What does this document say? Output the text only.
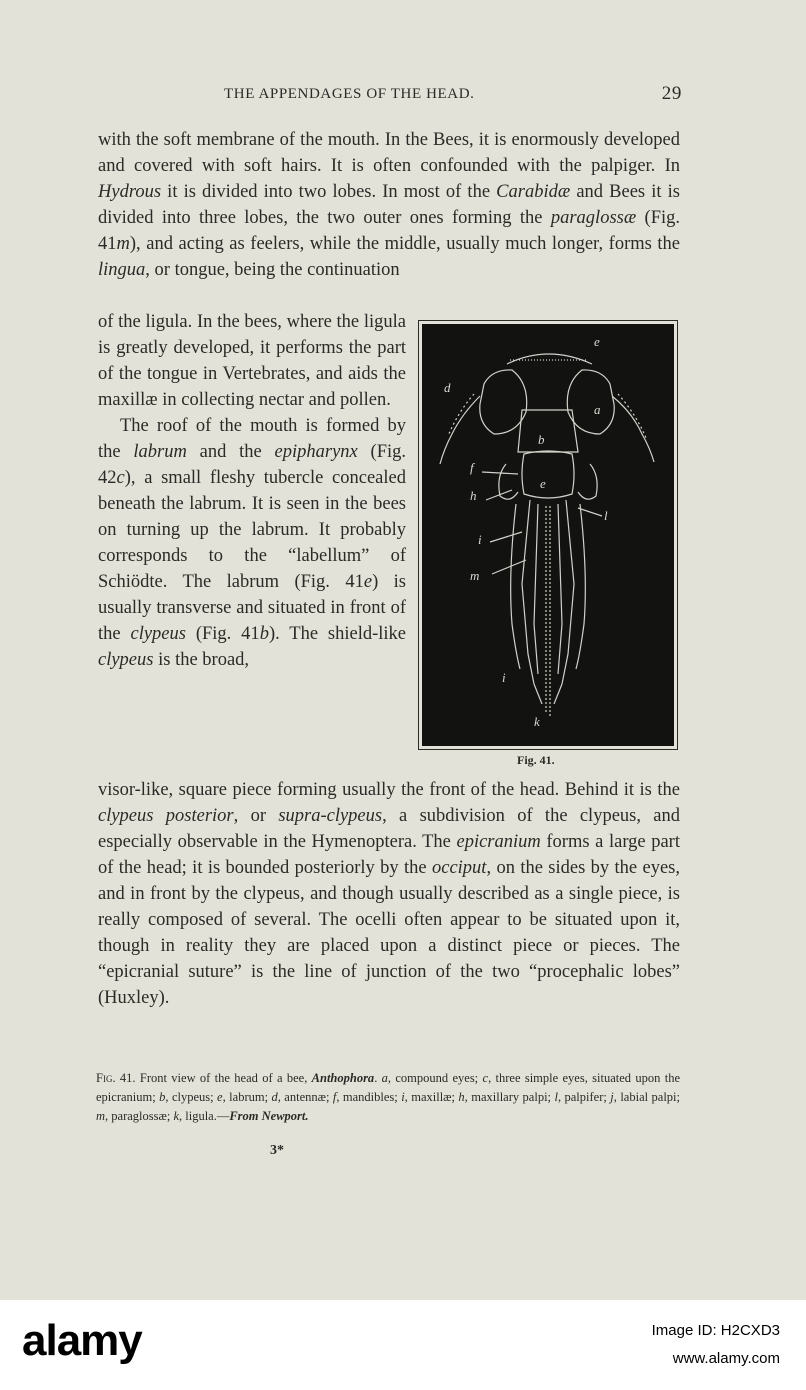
THE APPENDAGES OF THE HEAD.	29

with the soft membrane of the mouth. In the Bees, it is enormously developed and covered with soft hairs. It is often confounded with the palpiger. In Hydrous it is divided into two lobes. In most of the Carabidæ and Bees it is divided into three lobes, the two outer ones forming the paraglossæ (Fig. 41m), and acting as feelers, while the middle, usually much longer, forms the lingua, or tongue, being the continuation

of the ligula. In the bees, where the ligula is greatly developed, it performs the part of the tongue in Vertebrates, and aids the maxillæ in collecting nectar and pollen.

The roof of the mouth is formed by the labrum and the epipharynx (Fig. 42c), a small fleshy tubercle concealed beneath the labrum. It is seen in the bees on turning up the labrum. It probably corresponds to the “labellum” of Schiödte. The labrum (Fig. 41e) is usually transverse and situated in front of the clypeus (Fig. 41b). The shield-like clypeus is the broad,

e
d
a
b
f
h
e
l
i
m
i
k
Fig. 41.

visor-like, square piece forming usually the front of the head. Behind it is the clypeus posterior, or supra-clypeus, a subdivision of the clypeus, and especially observable in the Hymenoptera. The epicranium forms a large part of the head; it is bounded posteriorly by the occiput, on the sides by the eyes, and in front by the clypeus, and though usually described as a single piece, is really composed of several. The ocelli often appear to be situated upon it, though in reality they are placed upon a distinct piece or pieces. The “epicranial suture” is the line of junction of the two “procephalic lobes” (Huxley).

Fig. 41. Front view of the head of a bee, Anthophora. a, compound eyes; c, three simple eyes, situated upon the epicranium; b, clypeus; e, labrum; d, antennæ; f, mandibles; i, maxillæ; h, maxillary palpi; l, palpifer; j, labial palpi; m, paraglossæ; k, ligula.—From Newport.
3*
alamy	Image ID: H2CXD3
www.alamy.com
